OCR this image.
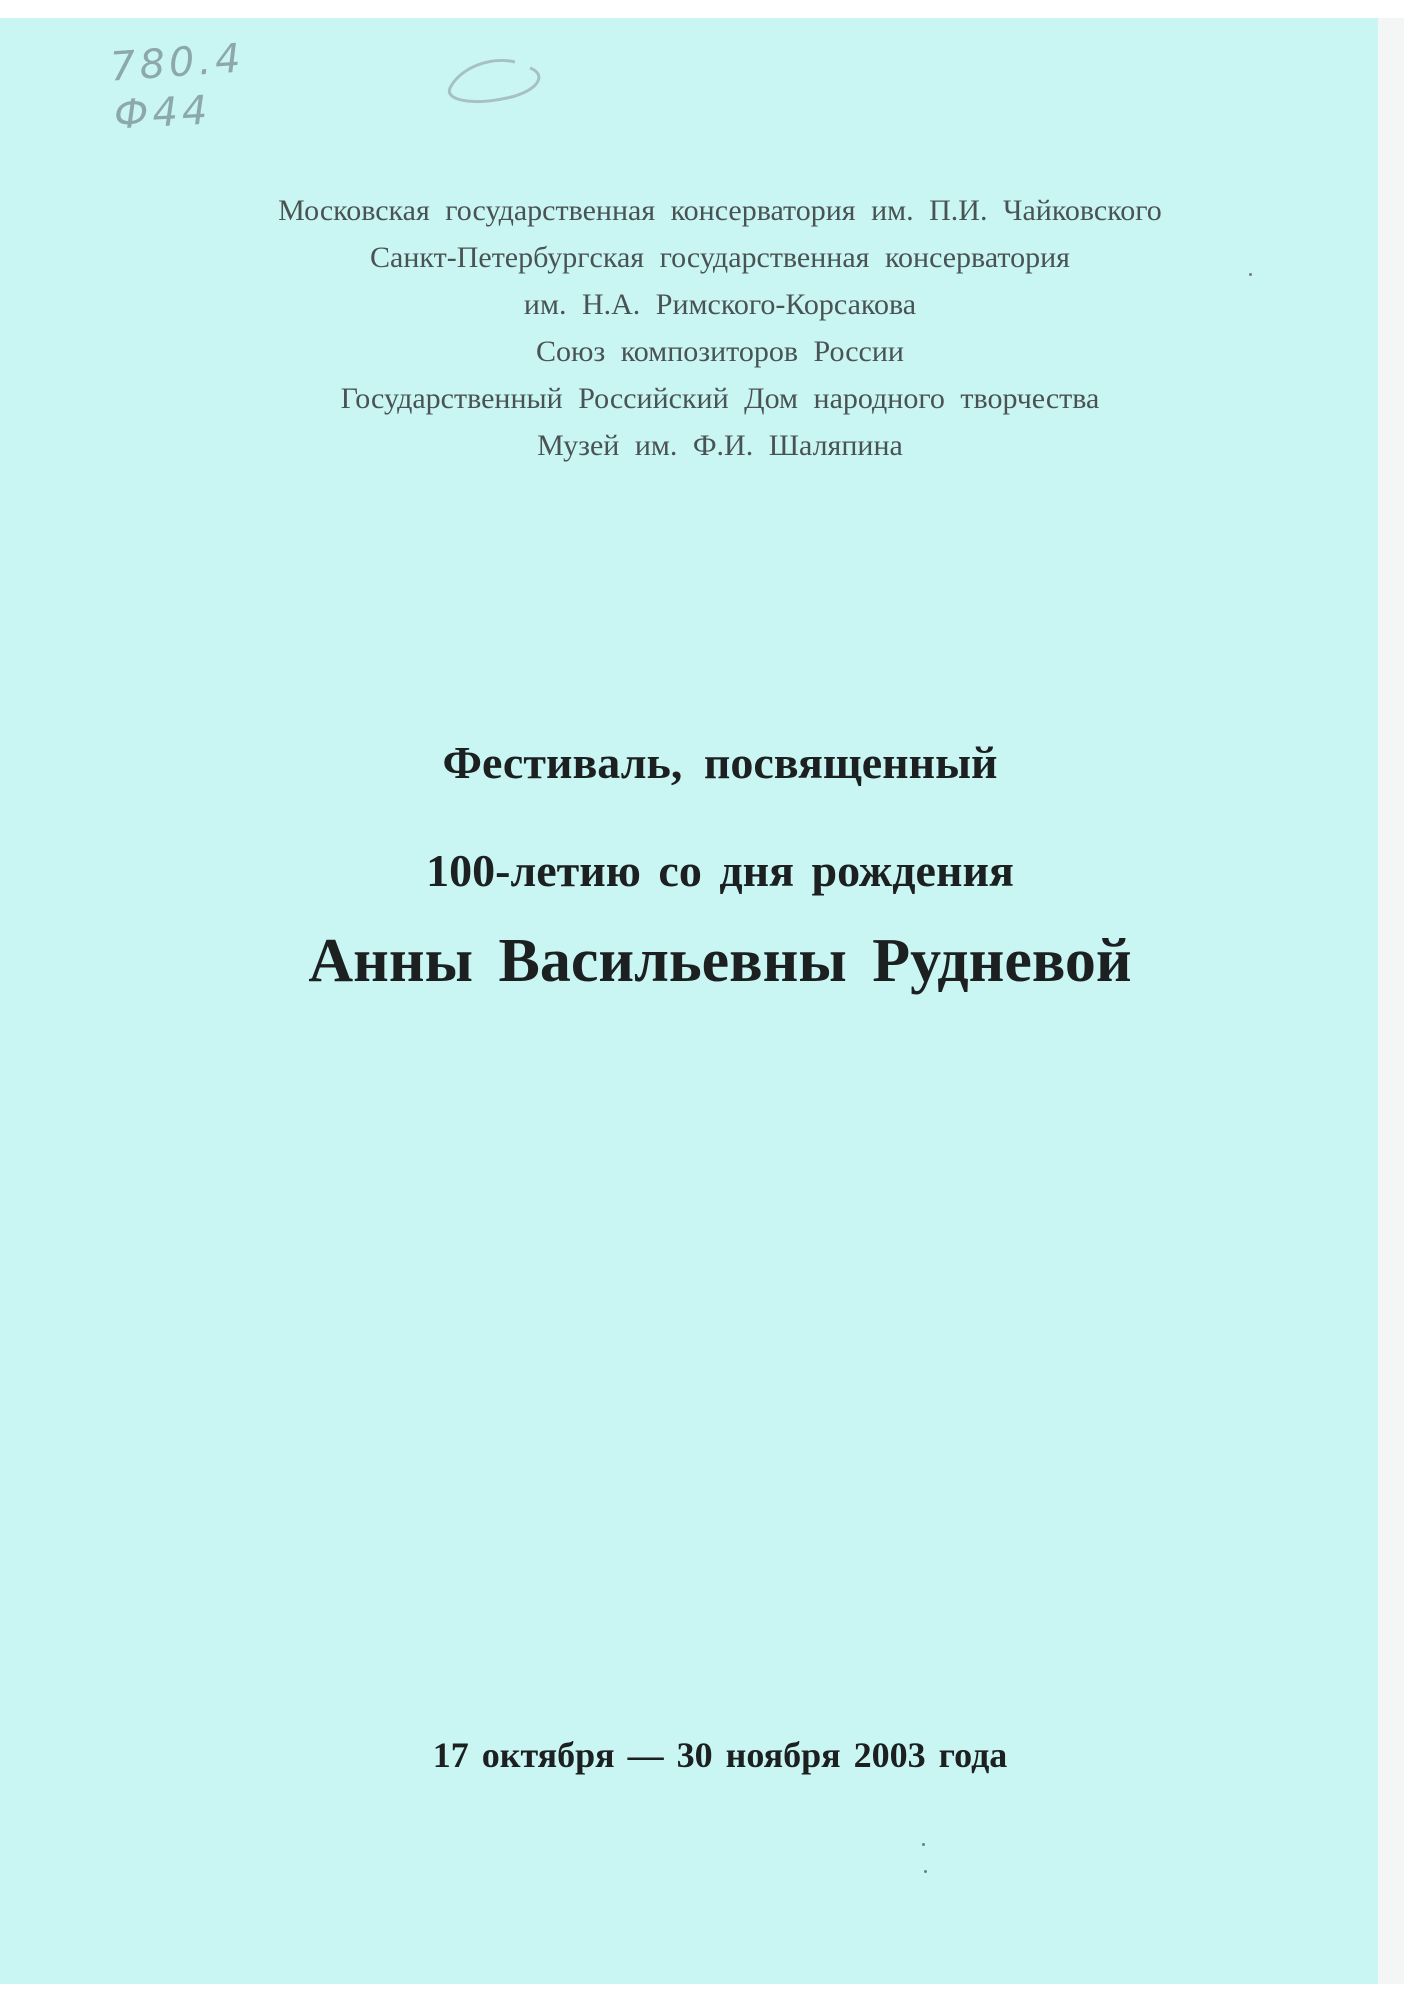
780.4
Ф44
Московская государственная консерватория им. П.И. Чайковского
Санкт-Петербургская государственная консерватория
им. Н.А. Римского-Корсакова
Союз композиторов России
Государственный Российский Дом народного творчества
Музей им. Ф.И. Шаляпина
Фестиваль, посвященный
100-летию со дня рождения
Анны Васильевны Рудневой
17 октября — 30 ноября 2003 года
